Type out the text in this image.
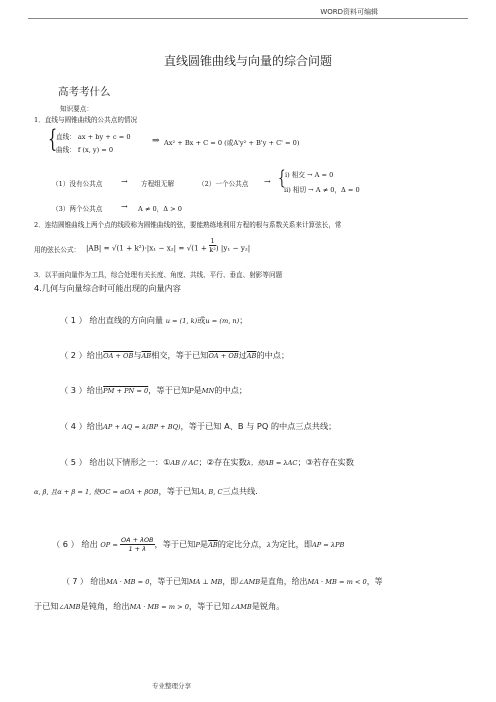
WORD资料可编辑
直线圆锥曲线与向量的综合问题
高考考什么
知识要点：
1．直线与圆锥曲线的公共点的情况
{
直线： ax + by + c = 0
曲线： f (x, y) = 0
⇒ Ax² + Bx + C = 0 (或A'y² + B'y + C' = 0)
（1）没有公共点 → 方程组无解	（2）一个公共点 → { i) 相交 → A = 0
ii) 相切 → A ≠ 0，Δ = 0
（3）两个公共点 → A ≠ 0，Δ > 0
2．连结圆锥曲线上两个点的线段称为圆锥曲线的弦，要能熟练地利用方程的根与系数关系来计算弦长，常
用的弦长公式： $|AB| = √(1 + k^2)\cdot|x_1 - x_2| = √(1 + \frac{1}{\text{k²}}$ ) |y₁ − y₂|
3．以平面向量作为工具，综合处理有关长度、角度、共线、平行、垂直、射影等问题
4.几何与向量综合时可能出现的向量内容
（ 1 ） 给出直线的方向向量 u = (1, k)或u = (m, n)；
（ 2 ）给出OA + OB与$\overline{AB}$相交，等于已知OA + OB过$\overline{AB}$的中点；
（ 3 ）给出PM + PN = 0，等于已知P是MN的中点；
（ 4 ）给出AP + AQ = λ(BP + BQ)，等于已知 A、B 与 PQ 的中点三点共线；
（ 5 ） 给出以下情形之一：①AB // AC；②存在实数λ，使AB = λAC；③若存在实数
α, β, 且α + β = 1, 使OC = αOA + βOB，等于已知A, B, C三点共线.
（ 6 ） 给出 OP = $\frac{\text{OA + λOB}}{1 + \lambda}$ ，等于已知P是$\overline{AB}$的定比分点，λ为定比，即AP = λPB
（ 7 ） 给出MA · MB = 0，等于已知MA ⊥ MB，即∠AMB是直角，给出MA · MB = m < 0，等
于已知∠AMB是钝角，给出MA · MB = m > 0，等于已知∠AMB是锐角。
专业整理分享
